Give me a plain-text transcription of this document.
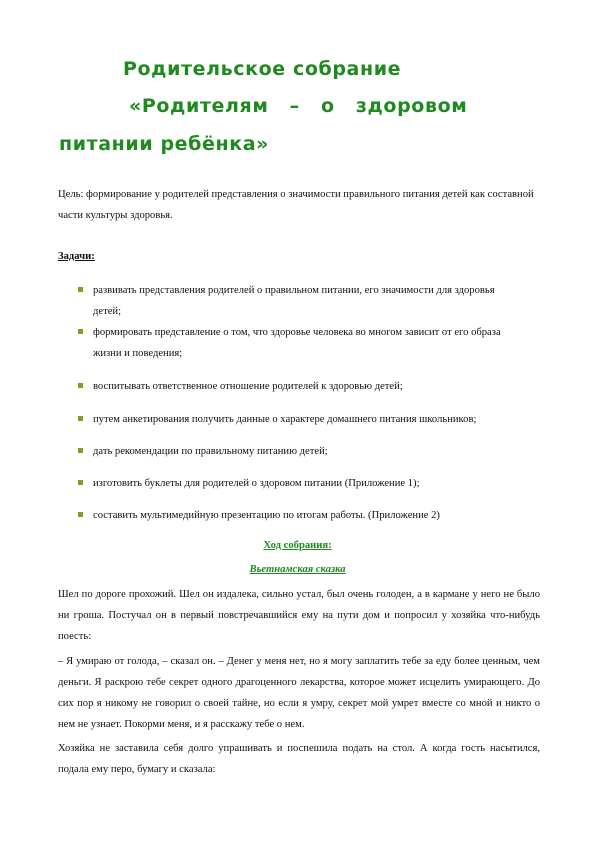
Родительское собрание
«Родителям – о здоровом
питании ребёнка»
Цель: формирование у родителей представления о значимости правильного питания детей как составной части культуры здоровья.
Задачи:
развивать представления родителей о правильном питании, его значимости для здоровья детей;
формировать представление о том, что здоровье человека во многом зависит от его образа жизни и поведения;
воспитывать ответственное отношение родителей к здоровью детей;
путем анкетирования получить данные о характере домашнего питания школьников;
дать рекомендации по правильному питанию детей;
изготовить буклеты для родителей о здоровом питании (Приложение 1);
составить мультимедийную презентацию по итогам работы. (Приложение 2)
Ход собрания:
Вьетнамская сказка
Шел по дороге прохожий. Шел он издалека, сильно устал, был очень голоден, а в кармане у него не было ни гроша. Постучал он в первый повстречавшийся ему на пути дом и попросил у хозяйка что-нибудь поесть:
– Я умираю от голода, – сказал он. – Денег у меня нет, но я могу заплатить тебе за еду более ценным, чем деньги. Я раскрою тебе секрет одного драгоценного лекарства, которое может исцелить умирающего. До сих пор я никому не говорил о своей тайне, но если я умру, секрет мой умрет вместе со мной и никто о нем не узнает. Покорми меня, и я расскажу тебе о нем.
Хозяйка не заставила себя долго упрашивать и поспешила подать на стол. А когда гость насытился, подала ему перо, бумагу и сказала:
